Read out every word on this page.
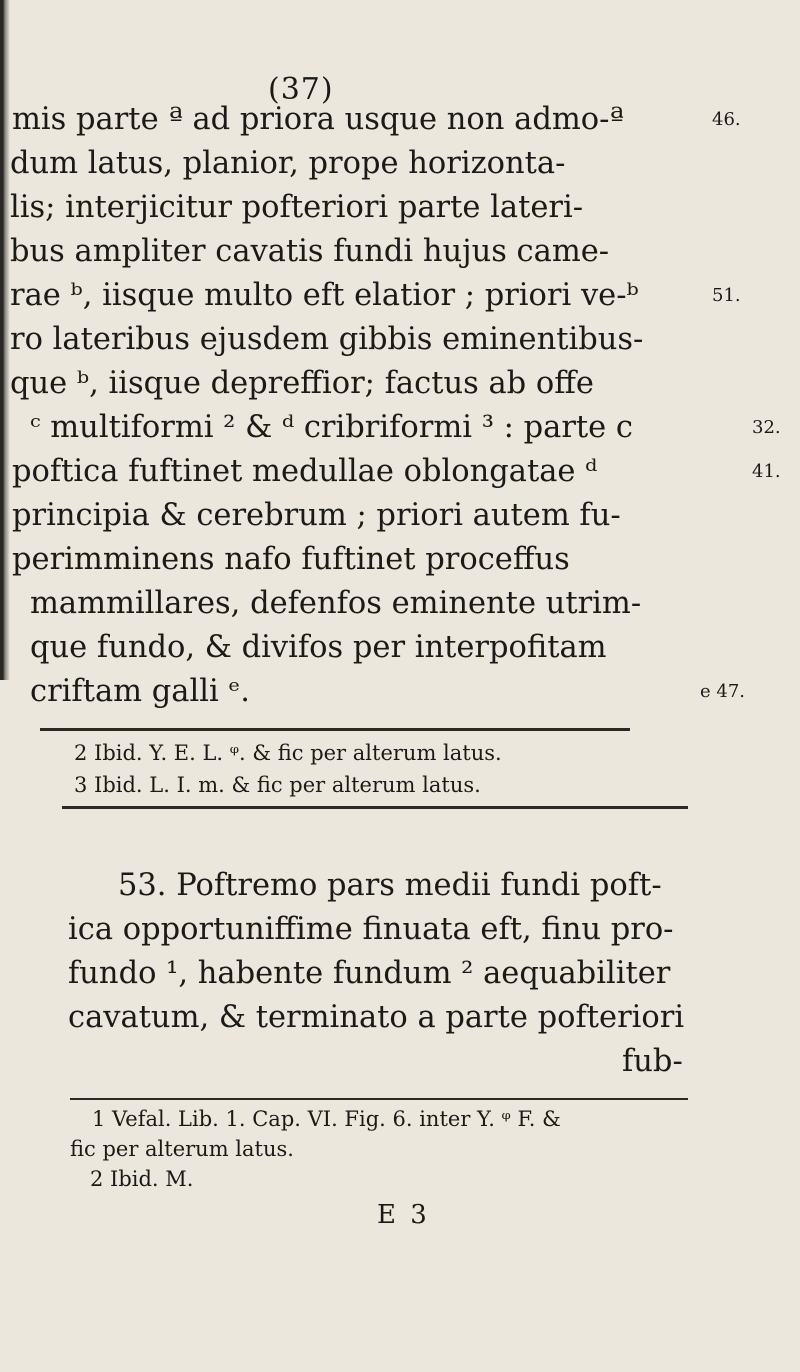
(37)
mis parte ª ad priora usque non admo-ª
dum latus, planior, prope horizonta-
lis; interjicitur pofteriori parte lateri-
bus ampliter cavatis fundi hujus came-
rae ᵇ, iisque multo eft elatior ; priori ve-ᵇ
ro lateribus ejusdem gibbis eminentibus-
que ᵇ, iisque depreffior; factus ab offe
ᶜ multiformi ² & ᵈ cribriformi ³ : parte c
poftica fuftinet medullae oblongatae ᵈ
principia & cerebrum ; priori autem fu-
perimminens nafo fuftinet proceffus
mammillares, defenfos eminente utrim-
que fundo, & divifos per interpofitam
criftam galli ᵉ.
46.
51.
32.
41.
e 47.
2 Ibid. Y. E. L. ᵠ. & fic per alterum latus.
3 Ibid. L. I. m. & fic per alterum latus.
53. Poftremo pars medii fundi poft-
ica opportuniffime finuata eft, finu pro-
fundo ¹, habente fundum ² aequabiliter
cavatum, & terminato a parte pofteriori
fub-
1 Vefal. Lib. 1. Cap. VI. Fig. 6. inter Y. ᵠ F. &
fic per alterum latus.
2 Ibid. M.
E 3
